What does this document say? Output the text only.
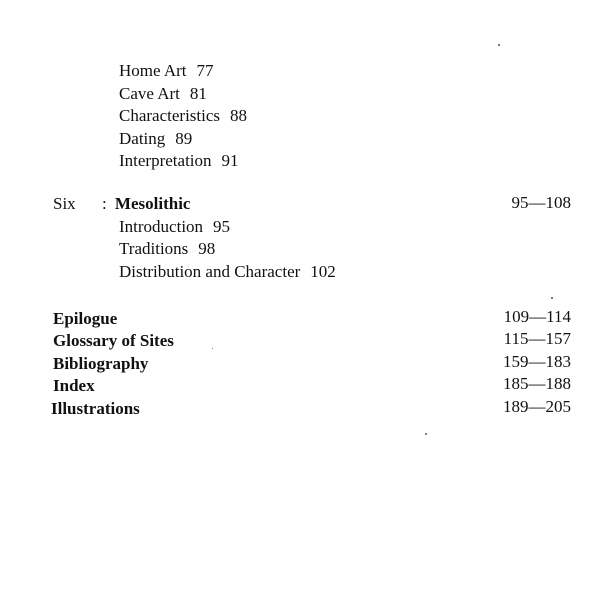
Home Art 77
Cave Art 81
Characteristics 88
Dating 89
Interpretation 91
Six : Mesolithic	95—108
Introduction 95
Traditions 98
Distribution and Character 102
Epilogue	109—114
Glossary of Sites	115—157
Bibliography	159—183
Index	185—188
Illustrations	189—205
